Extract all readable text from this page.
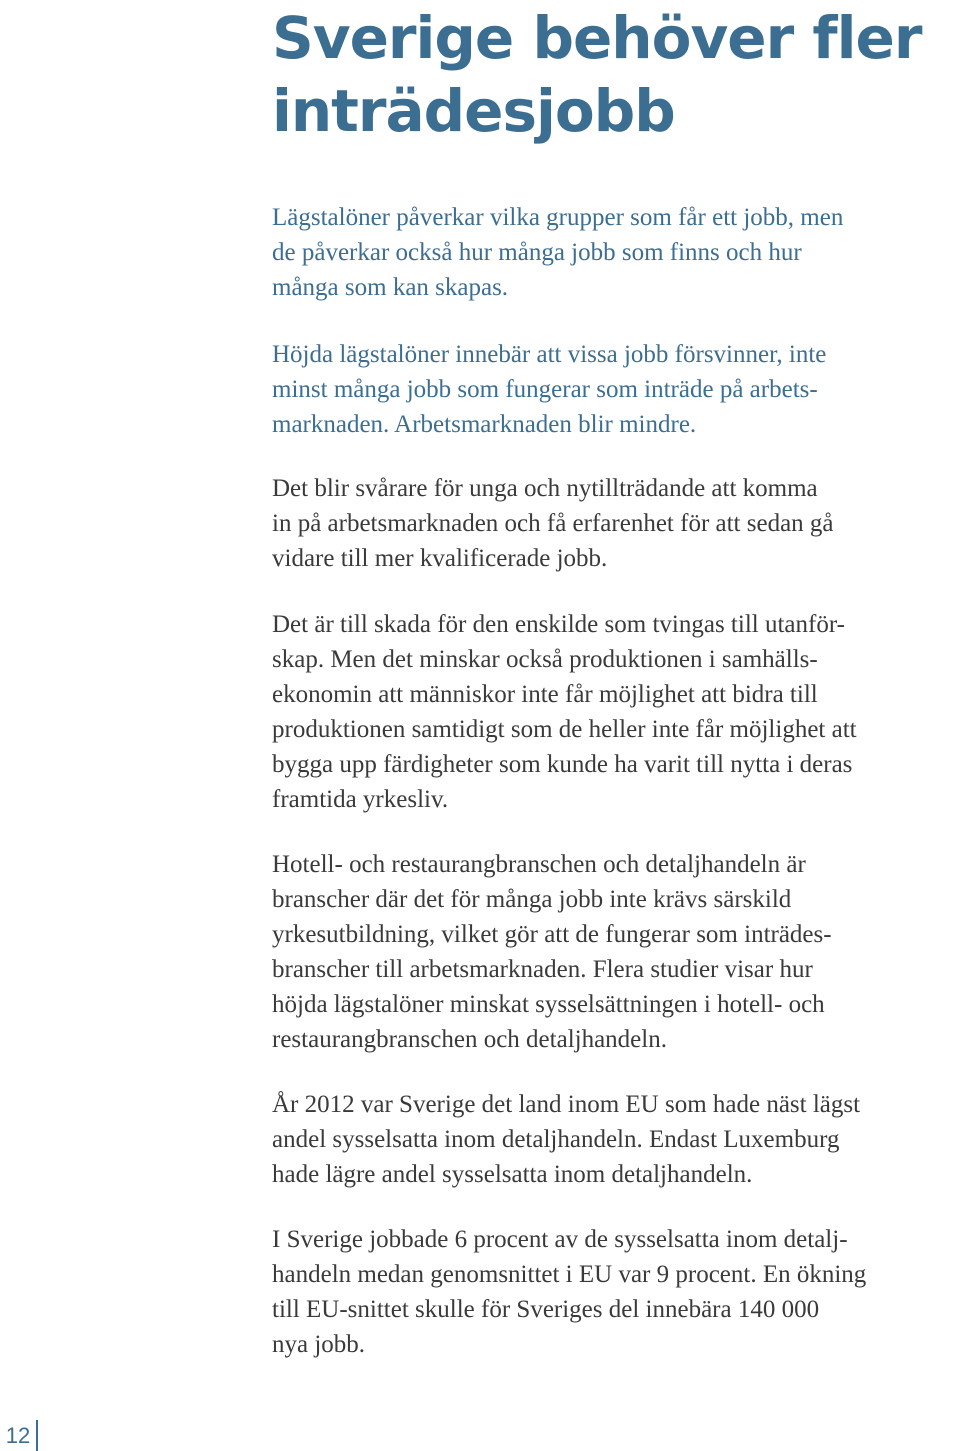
Sverige behöver fler
inträdesjobb

Lägstalöner påverkar vilka grupper som får ett jobb, men
de påverkar också hur många jobb som finns och hur
många som kan skapas.

Höjda lägstalöner innebär att vissa jobb försvinner, inte
minst många jobb som fungerar som inträde på arbets-
marknaden. Arbetsmarknaden blir mindre.

Det blir svårare för unga och nytillträdande att komma
in på arbetsmarknaden och få erfarenhet för att sedan gå
vidare till mer kvalificerade jobb.

Det är till skada för den enskilde som tvingas till utanför-
skap. Men det minskar också produktionen i samhälls-
ekonomin att människor inte får möjlighet att bidra till
produktionen samtidigt som de heller inte får möjlighet att
bygga upp färdigheter som kunde ha varit till nytta i deras
framtida yrkesliv.

Hotell- och restaurangbranschen och detaljhandeln är
branscher där det för många jobb inte krävs särskild
yrkesutbildning, vilket gör att de fungerar som inträdes-
branscher till arbetsmarknaden. Flera studier visar hur
höjda lägstalöner minskat sysselsättningen i hotell- och
restaurangbranschen och detaljhandeln.

År 2012 var Sverige det land inom EU som hade näst lägst
andel sysselsatta inom detaljhandeln. Endast Luxemburg
hade lägre andel sysselsatta inom detaljhandeln.

I Sverige jobbade 6 procent av de sysselsatta inom detalj-
handeln medan genomsnittet i EU var 9 procent. En ökning
till EU-snittet skulle för Sveriges del innebära 140 000
nya jobb.

12
